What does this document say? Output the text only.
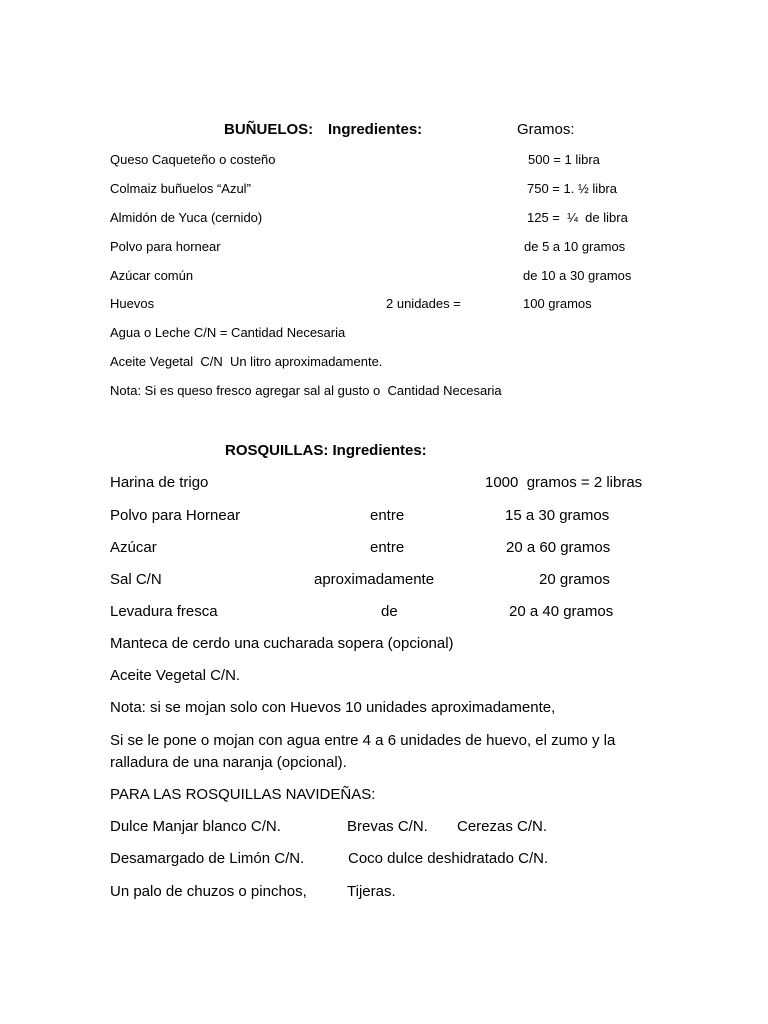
BUÑUELOS: Ingredientes:	Gramos:
Queso Caqueteño o costeño	500 = 1 libra
Colmaiz buñuelos “Azul”	750 = 1. ½ libra
Almidón de Yuca (cernido)	125 =  ¼  de libra
Polvo para hornear	de 5 a 10 gramos
Azúcar común	de 10 a 30 gramos
Huevos	2 unidades =	100 gramos
Agua o Leche C/N = Cantidad Necesaria
Aceite Vegetal  C/N  Un litro aproximadamente.
Nota: Si es queso fresco agregar sal al gusto o  Cantidad Necesaria
ROSQUILLAS: Ingredientes:
Harina de trigo	1000  gramos = 2 libras
Polvo para Hornear	entre	15 a 30 gramos
Azúcar	entre	20 a 60 gramos
Sal C/N	aproximadamente	20 gramos
Levadura fresca	de	20 a 40 gramos
Manteca de cerdo una cucharada sopera (opcional)
Aceite Vegetal C/N.
Nota: si se mojan solo con Huevos 10 unidades aproximadamente,
Si se le pone o mojan con agua entre 4 a 6 unidades de huevo, el zumo y la
ralladura de una naranja (opcional).
PARA LAS ROSQUILLAS NAVIDEÑAS:
Dulce Manjar blanco C/N.	Brevas C/N. Cerezas C/N.
Desamargado de Limón C/N.	Coco dulce deshidratado C/N.
Un palo de chuzos o pinchos,	Tijeras.
